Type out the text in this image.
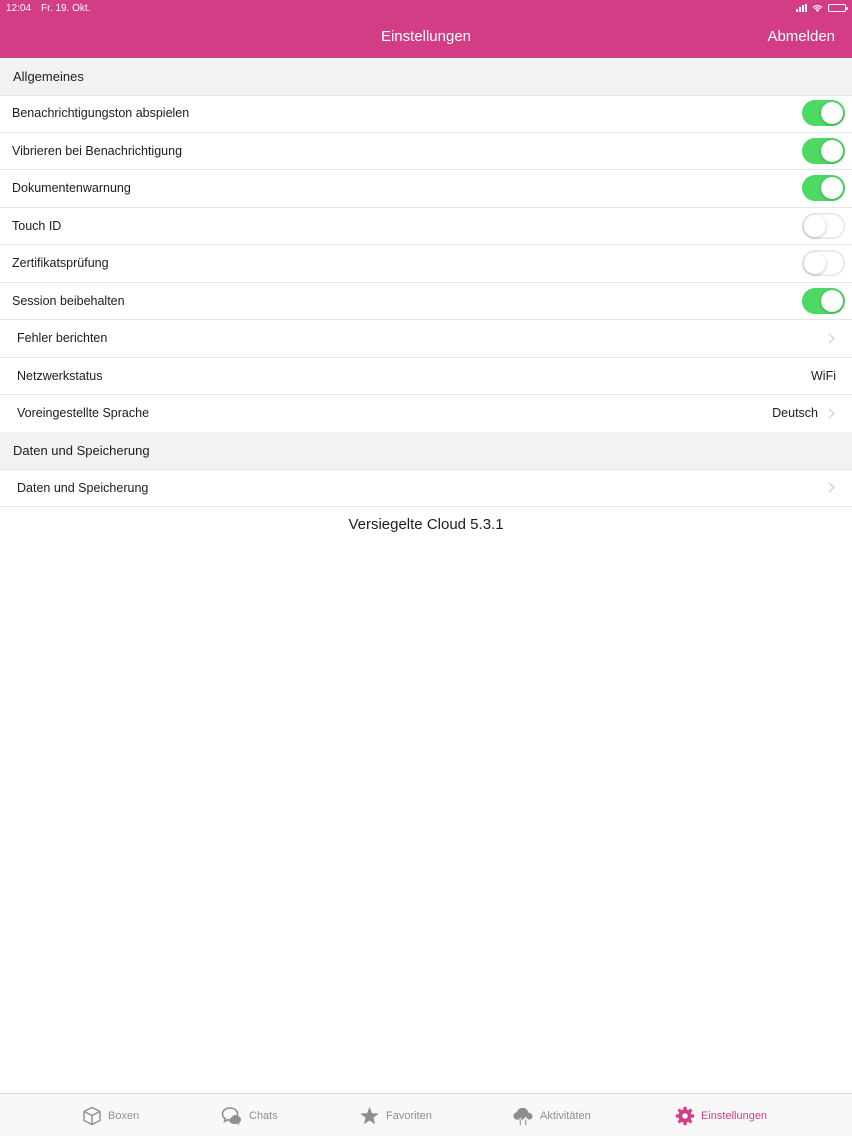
12:04 Fr. 19. Okt.
Einstellungen	Abmelden
Allgemeines
Benachrichtigungston abspielen
Vibrieren bei Benachrichtigung
Dokumentenwarnung
Touch ID
Zertifikatsprüfung
Session beibehalten
Fehler berichten
Netzwerkstatus	WiFi
Voreingestellte Sprache	Deutsch
Daten und Speicherung
Daten und Speicherung
Versiegelte Cloud 5.3.1
Boxen	Chats	Favoriten	Aktivitäten	Einstellungen
